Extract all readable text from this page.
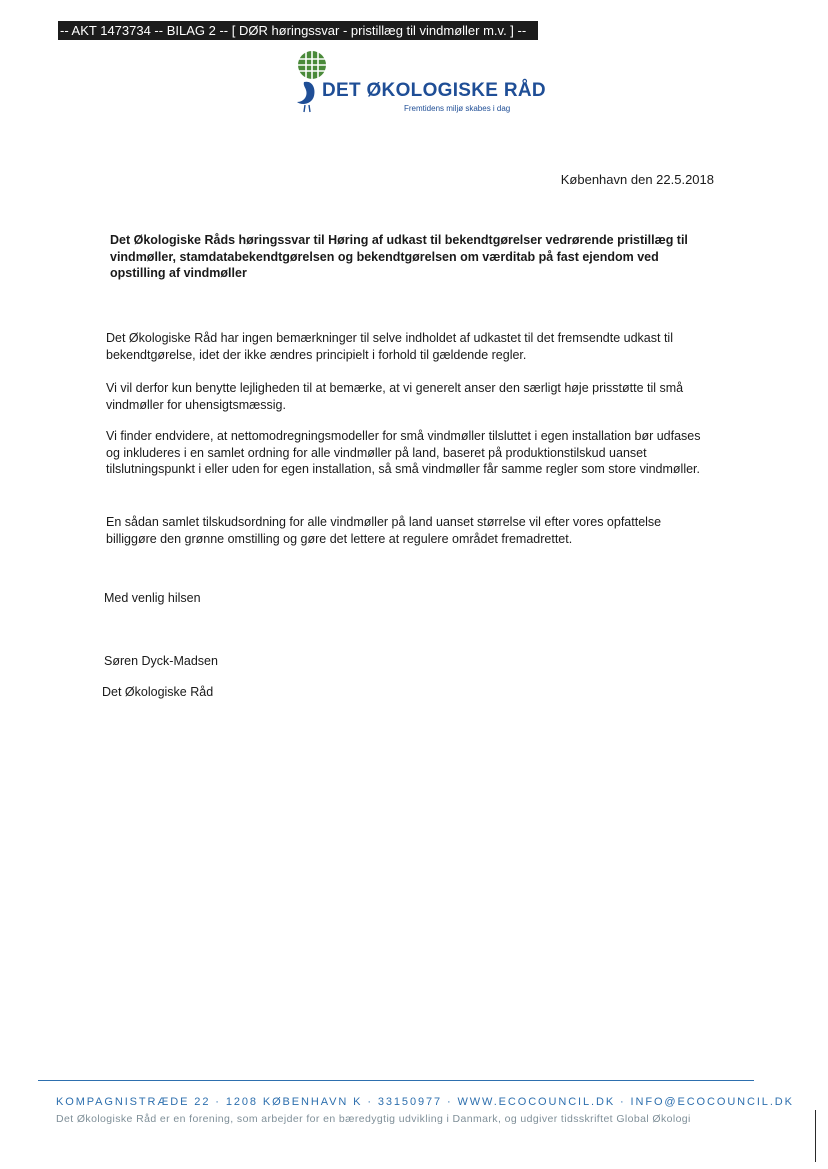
-- AKT 1473734 -- BILAG 2 -- [ DØR høringssvar - pristillæg til vindmøller m.v. ] --
DET ØKOLOGISKE RÅD
Fremtidens miljø skabes i dag
København den 22.5.2018

Det Økologiske Råds høringssvar til Høring af udkast til bekendtgørelser vedrørende pristillæg til vindmøller, stamdatabekendtgørelsen og bekendtgørelsen om værditab på fast ejendom ved opstilling af vindmøller

Det Økologiske Råd har ingen bemærkninger til selve indholdet af udkastet til det fremsendte udkast til bekendtgørelse, idet der ikke ændres principielt i forhold til gældende regler.

Vi vil derfor kun benytte lejligheden til at bemærke, at vi generelt anser den særligt høje prisstøtte til små vindmøller for uhensigtsmæssig.

Vi finder endvidere, at nettomodregningsmodeller for små vindmøller tilsluttet i egen installation bør udfases og inkluderes i en samlet ordning for alle vindmøller på land, baseret på produktionstilskud uanset tilslutningspunkt i eller uden for egen installation, så små vindmøller får samme regler som store vindmøller.

En sådan samlet tilskudsordning for alle vindmøller på land uanset størrelse vil efter vores opfattelse billiggøre den grønne omstilling og gøre det lettere at regulere området fremadrettet.

Med venlig hilsen
Søren Dyck-Madsen
Det Økologiske Råd
KOMPAGNISTRÆDE 22 · 1208 KØBENHAVN K · 33150977 · WWW.ECOCOUNCIL.DK · INFO@ECOCOUNCIL.DK
Det Økologiske Råd er en forening, som arbejder for en bæredygtig udvikling i Danmark, og udgiver tidsskriftet Global Økologi
